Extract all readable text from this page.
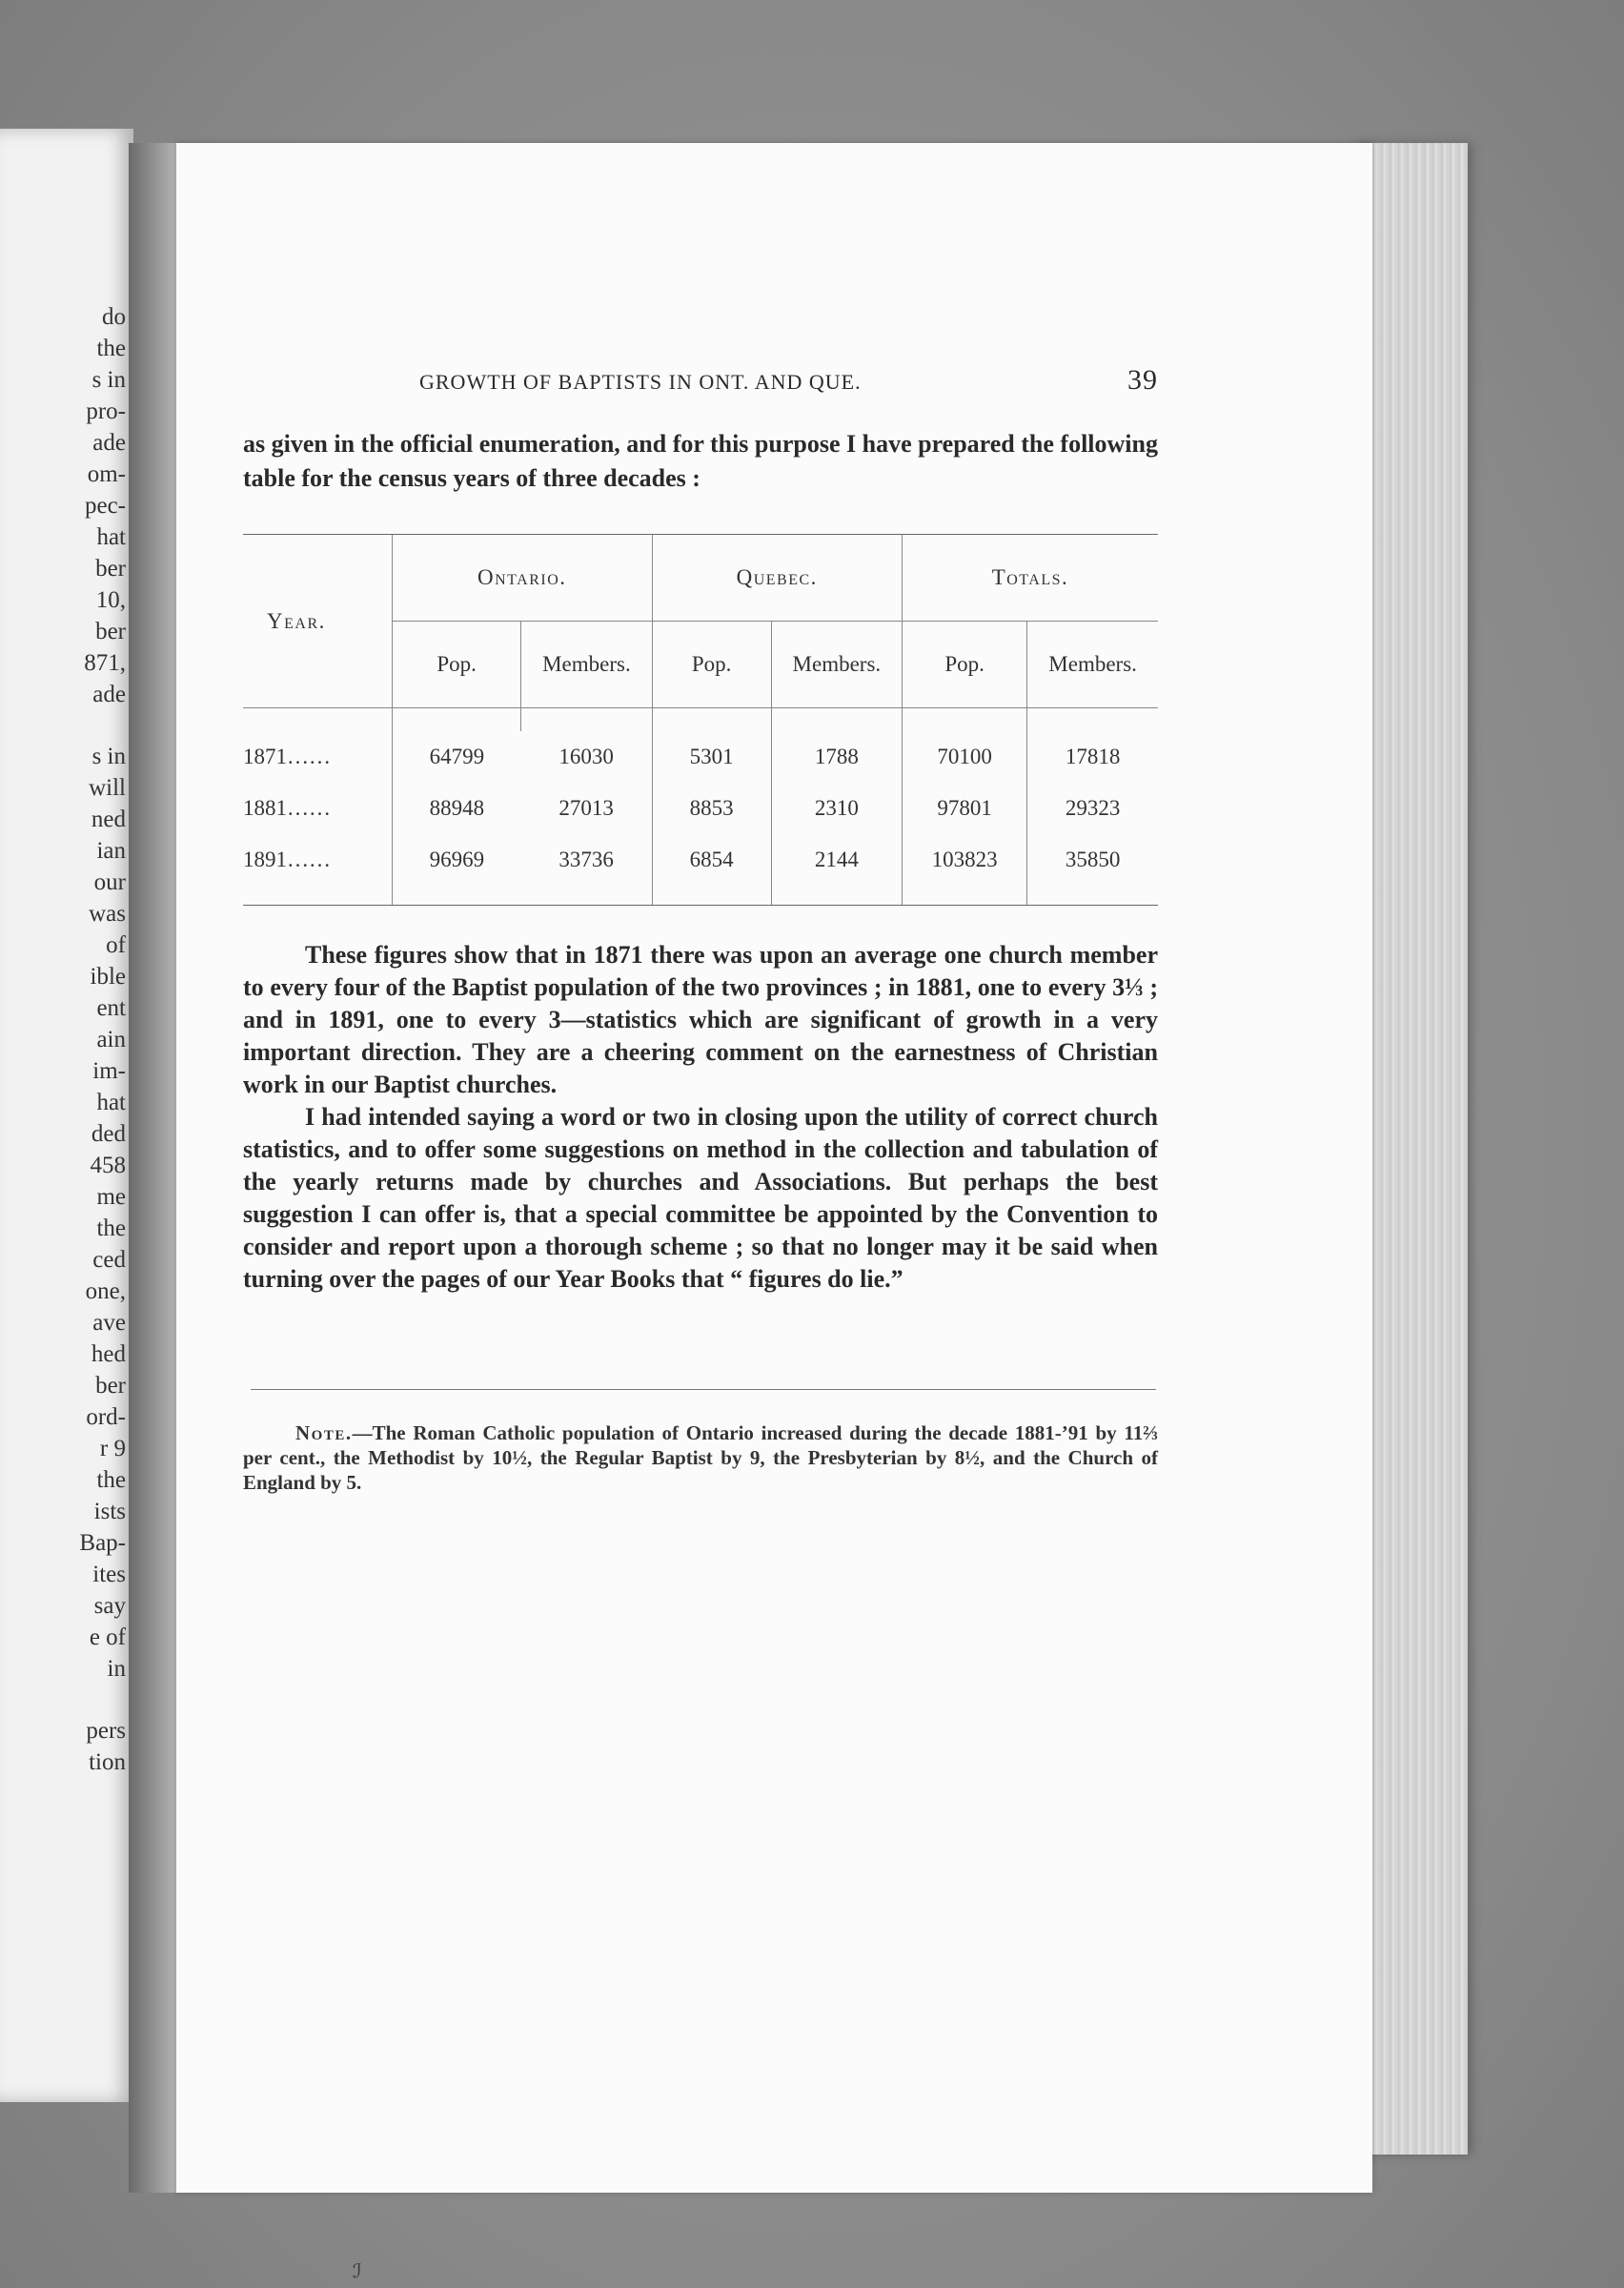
do
the
s in
pro-
ade
om-
pec-
hat
ber
10,
ber
871,
ade
s in
will
ned
ian
our
was
of
ible
ent
ain
im-
hat
ded
458
me
the
ced
one,
ave
hed
ber
ord-
r 9
the
ists
Bap-
ites
say
e of
in
pers
tion
GROWTH OF BAPTISTS IN ONT. AND QUE.	39
as given in the official enumeration, and for this purpose I have prepared the following table for the census years of three decades :
Year.	Ontario.		Quebec.		Totals.	
	Pop.	Members.	Pop.	Members.	Pop.	Members.

1871……	64799	16030	5301	1788	70100	17818
1881……	88948	27013	8853	2310	97801	29323
1891……	96969	33736	6854	2144	103823	35850

These figures show that in 1871 there was upon an average one church member to every four of the Baptist population of the two provinces ; in 1881, one to every 3⅓ ; and in 1891, one to every 3—statistics which are significant of growth in a very important direction. They are a cheering comment on the earnestness of Christian work in our Baptist churches.

I had intended saying a word or two in closing upon the utility of correct church statistics, and to offer some suggestions on method in the collection and tabulation of the yearly returns made by churches and Associations. But perhaps the best suggestion I can offer is, that a special committee be appointed by the Convention to consider and report upon a thorough scheme ; so that no longer may it be said when turning over the pages of our Year Books that “ figures do lie.”

Note.—The Roman Catholic population of Ontario increased during the decade 1881-’91 by 11⅔ per cent., the Methodist by 10½, the Regular Baptist by 9, the Presbyterian by 8½, and the Church of England by 5.
ℐ
